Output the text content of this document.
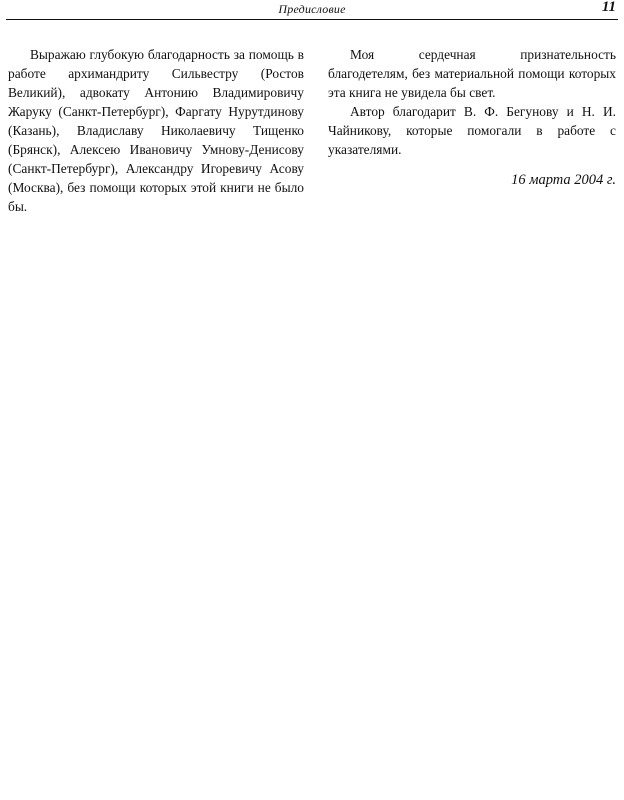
Предисловие	11

Выражаю глубокую благодарность за помощь в работе архимандриту Сильвестру (Ростов Великий), адвокату Антонию Владимировичу Жаруку (Санкт-Петербург), Фаргату Нурутдинову (Казань), Владиславу Николаевичу Тищенко (Брянск), Алексею Ивановичу Умнову-Денисову (Санкт-Петербург), Александру Игоревичу Асову (Москва), без помощи которых этой книги не было бы.

Моя сердечная признательность благодетелям, без материальной помощи которых эта книга не увидела бы свет.

Автор благодарит В. Ф. Бегунову и Н. И. Чайникову, которые помогали в работе с указателями.

16 марта 2004 г.
